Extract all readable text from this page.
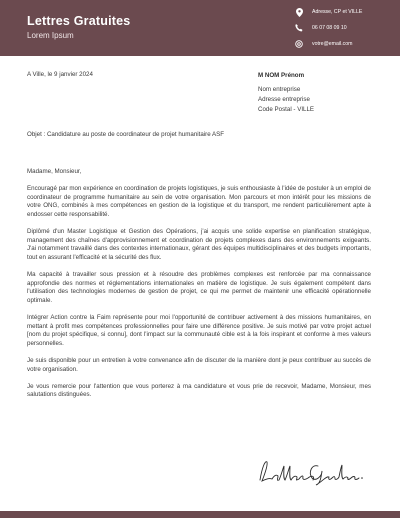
Lettres Gratuites
Lorem Ipsum
Adresse, CP et VILLE
06 07 08 09 10
votre@email.com
A Ville, le 9 janvier 2024	M NOM Prénom
Nom entreprise
Adresse entreprise
Code Postal - VILLE
Objet : Candidature au poste de coordinateur de projet humanitaire ASF

Madame, Monsieur,

Encouragé par mon expérience en coordination de projets logistiques, je suis enthousiaste à l'idée de postuler à un emploi de coordinateur de programme humanitaire au sein de votre organisation. Mon parcours et mon intérêt pour les missions de votre ONG, combinés à mes compétences en gestion de la logistique et du transport, me rendent particulièrement apte à endosser cette responsabilité.

Diplômé d'un Master Logistique et Gestion des Opérations, j'ai acquis une solide expertise en planification stratégique, management des chaînes d'approvisionnement et coordination de projets complexes dans des environnements exigeants. J'ai notamment travaillé dans des contextes internationaux, gérant des équipes multidisciplinaires et des budgets importants, tout en assurant l'efficacité et la sécurité des flux.

Ma capacité à travailler sous pression et à résoudre des problèmes complexes est renforcée par ma connaissance approfondie des normes et réglementations internationales en matière de logistique. Je suis également compétent dans l'utilisation des technologies modernes de gestion de projet, ce qui me permet de maintenir une efficacité opérationnelle optimale.

Intégrer Action contre la Faim représente pour moi l'opportunité de contribuer activement à des missions humanitaires, en mettant à profit mes compétences professionnelles pour faire une différence positive. Je suis motivé par votre projet actuel [nom du projet spécifique, si connu], dont l'impact sur la communauté cible est à la fois inspirant et conforme à mes valeurs personnelles.

Je suis disponible pour un entretien à votre convenance afin de discuter de la manière dont je peux contribuer au succès de votre organisation.

Je vous remercie pour l'attention que vous porterez à ma candidature et vous prie de recevoir, Madame, Monsieur, mes salutations distinguées.
